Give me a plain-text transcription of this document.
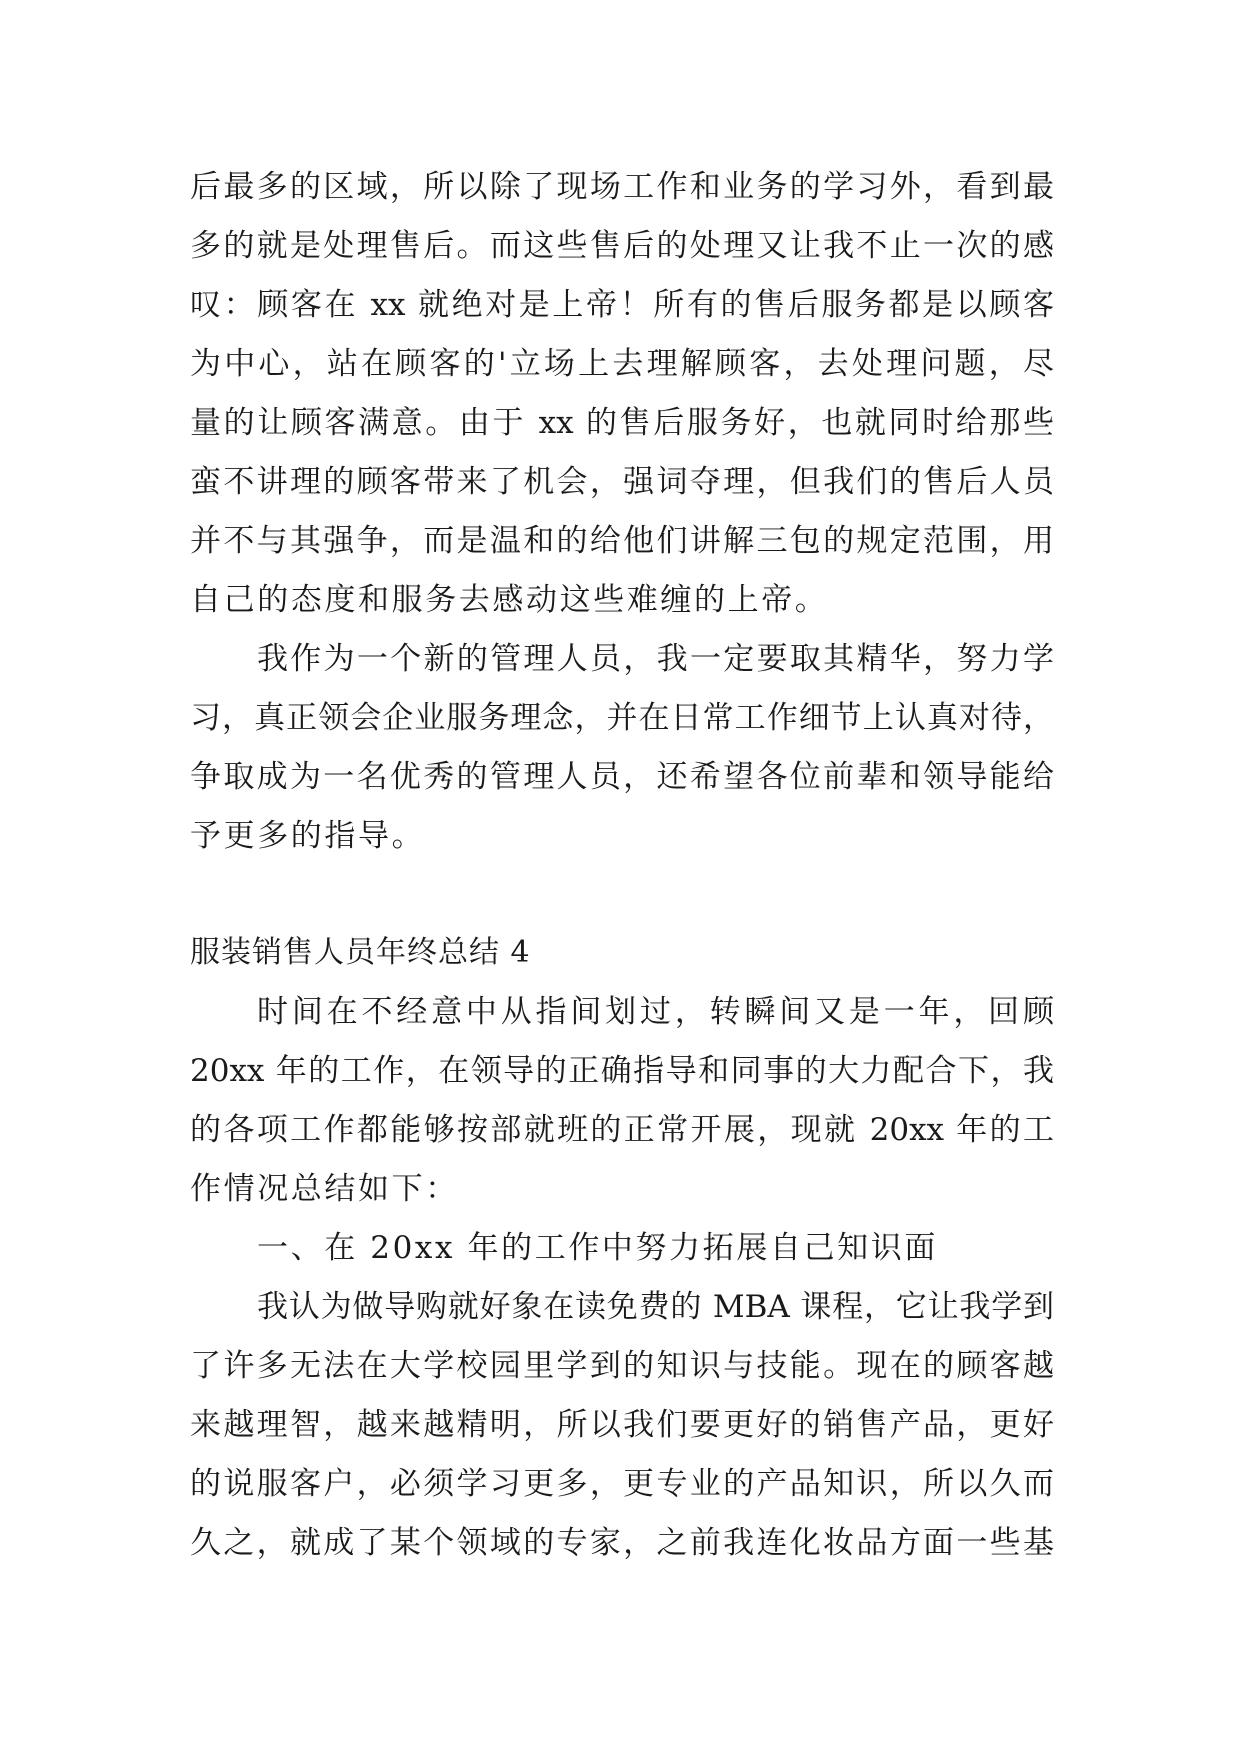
后最多的区域，所以除了现场工作和业务的学习外，看到最
多的就是处理售后。而这些售后的处理又让我不止一次的感
叹：顾客在 xx 就绝对是上帝！所有的售后服务都是以顾客
为中心，站在顾客的'立场上去理解顾客，去处理问题，尽
量的让顾客满意。由于 xx 的售后服务好，也就同时给那些
蛮不讲理的顾客带来了机会，强词夺理，但我们的售后人员
并不与其强争，而是温和的给他们讲解三包的规定范围，用
自己的态度和服务去感动这些难缠的上帝。
我作为一个新的管理人员，我一定要取其精华，努力学
习，真正领会企业服务理念，并在日常工作细节上认真对待，
争取成为一名优秀的管理人员，还希望各位前辈和领导能给
予更多的指导。
服装销售人员年终总结 4
时间在不经意中从指间划过，转瞬间又是一年，回顾
20xx 年的工作，在领导的正确指导和同事的大力配合下，我
的各项工作都能够按部就班的正常开展，现就 20xx 年的工
作情况总结如下：
一、在 20xx 年的工作中努力拓展自己知识面
我认为做导购就好象在读免费的 MBA 课程，它让我学到
了许多无法在大学校园里学到的知识与技能。现在的顾客越
来越理智，越来越精明，所以我们要更好的销售产品，更好
的说服客户，必须学习更多，更专业的产品知识，所以久而
久之，就成了某个领域的专家，之前我连化妆品方面一些基
